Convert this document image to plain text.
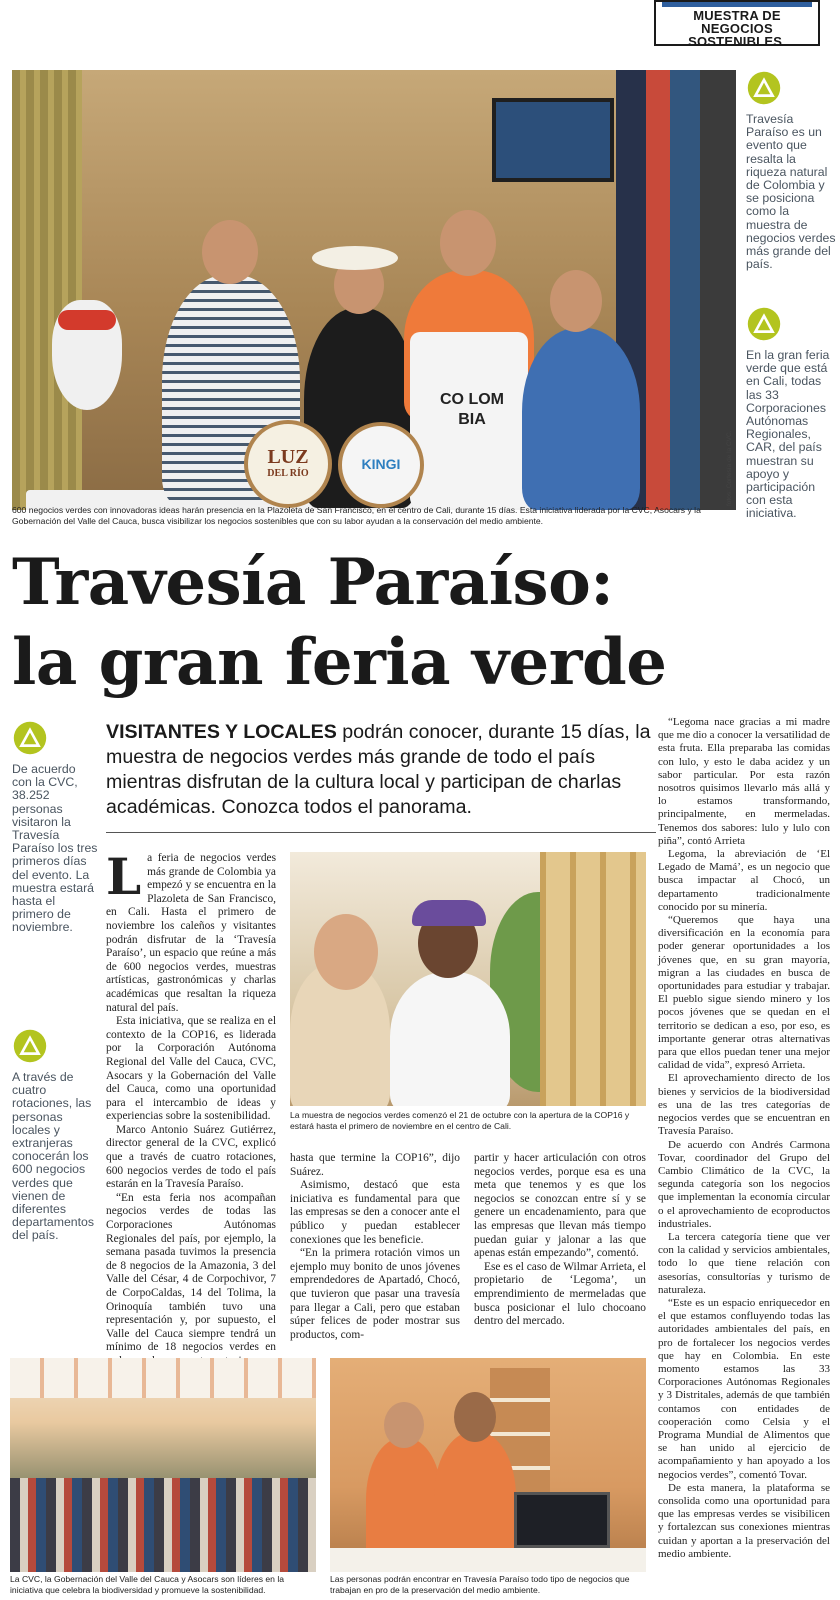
MUESTRA DE
NEGOCIOS
SOSTENIBLES.
CO LOM BIA
LUZ
DEL RÍO
KINGI	fotos: Cortesía de la CVC.
600 negocios verdes con innovadoras ideas harán presencia en la Plazoleta de San Francisco, en el centro de Cali, durante 15 días. Esta iniciativa liderada por la CVC, Asocars y la Gobernación del Valle del Cauca, busca visibilizar los negocios sostenibles que con su labor ayudan a la conservación del medio ambiente.

Travesía Paraíso es un evento que resalta la riqueza natural de Colombia y se posiciona como la muestra de negocios verdes más grande del país.

En la gran feria verde que está en Cali, todas las 33 Corporaciones Autónomas Regionales, CAR, del país muestran su apoyo y participación con esta iniciativa.

Travesía Paraíso:
la gran feria verde
VISITANTES Y LOCALES podrán conocer, durante 15 días, la muestra de negocios verdes más grande de todo el país mientras disfrutan de la cultura local y participan de charlas académicas. Conozca todos el panorama.

De acuerdo con la CVC, 38.252 personas visitaron la Travesía Paraíso los tres primeros días del evento. La muestra estará hasta el primero de noviembre.

A través de cuatro rotaciones, las personas locales y extranjeras conocerán los 600 negocios verdes que vienen de diferentes departamentos del país.

La feria de negocios verdes más grande de Colombia ya empezó y se encuentra en la Plazoleta de San Francisco, en Cali. Hasta el primero de noviembre los caleños y visitantes podrán disfrutar de la ‘Travesía Paraíso’, un espacio que reúne a más de 600 negocios verdes, muestras artísticas, gastronómicas y charlas académicas que resaltan la riqueza natural del país.

Esta iniciativa, que se realiza en el contexto de la COP16, es liderada por la Corporación Autónoma Regional del Valle del Cauca, CVC, Asocars y la Gobernación del Valle del Cauca, como una oportunidad para el intercambio de ideas y experiencias sobre la sostenibilidad.

Marco Antonio Suárez Gutiérrez, director general de la CVC, explicó que a través de cuatro rotaciones, 600 negocios verdes de todo el país estarán en la Travesía Paraíso.

“En esta feria nos acompañan negocios verdes de todas las Corporaciones Autónomas Regionales del país, por ejemplo, la semana pasada tuvimos la presencia de 8 negocios de la Amazonia, 3 del Valle del César, 4 de Corpochivor, 7 de CorpoCaldas, 14 del Tolima, la Orinoquía también tuvo una representación y, por supuesto, el Valle del Cauca siempre tendrá un mínimo de 18 negocios verdes en

La muestra de negocios verdes comenzó el 21 de octubre con la apertura de la COP16 y estará hasta el primero de noviembre en el centro de Cali.

hasta que termine la COP16”, dijo Suárez.

Asimismo, destacó que esta iniciativa es fundamental para que las empresas se den a conocer ante el público y puedan establecer conexiones que les beneficie.

“En la primera rotación vimos un ejemplo muy bonito de unos jóvenes emprendedores de Apartadó, Chocó, que tuvieron que pasar una travesía para llegar a Cali, pero que estaban súper felices de poder mostrar sus productos, com-

partir y hacer articulación con otros negocios verdes, porque esa es una meta que tenemos y es que los negocios se conozcan entre sí y se genere un encadenamiento, para que las empresas que llevan más tiempo puedan guiar y jalonar a las que apenas están empezando”, comentó.

Ese es el caso de Wilmar Arrieta, el propietario de ‘Legoma’, un emprendimiento de mermeladas que busca posicionar el lulo chocoano dentro del mercado.

“Legoma nace gracias a mi madre que me dio a conocer la versatilidad de esta fruta. Ella preparaba las comidas con lulo, y esto le daba acidez y un sabor particular. Por esta razón nosotros quisimos llevarlo más allá y lo estamos transformando, principalmente, en mermeladas. Tenemos dos sabores: lulo y lulo con piña”, contó Arrieta

Legoma, la abreviación de ‘El Legado de Mamá’, es un negocio que busca impactar al Chocó, un departamento tradicionalmente conocido por su minería.

“Queremos que haya una diversificación en la economía para poder generar oportunidades a los jóvenes que, en su gran mayoría, migran a las ciudades en busca de oportunidades para estudiar y trabajar. El pueblo sigue siendo minero y los pocos jóvenes que se quedan en el territorio se dedican a eso, por eso, es importante generar otras alternativas para que ellos puedan tener una mejor calidad de vida”, expresó Arrieta.

El aprovechamiento directo de los bienes y servicios de la biodiversidad es una de las tres categorías de negocios verdes que se encuentran en Travesía Paraíso.

De acuerdo con Andrés Carmona Tovar, coordinador del Grupo del Cambio Climático de la CVC, la segunda categoría son los negocios que implementan la economía circular o el aprovechamiento de ecoproductos industriales.

La tercera categoría tiene que ver con la calidad y servicios ambientales, todo lo que tiene relación con asesorías, consultorías y turismo de naturaleza.

“Este es un espacio enriquecedor en el que estamos confluyendo todas las autoridades ambientales del país, en pro de fortalecer los negocios verdes que hay en Colombia. En este momento estamos las 33 Corporaciones Autónomas Regionales y 3 Distritales, además de que también contamos con entidades de cooperación como Celsia y el Programa Mundial de Alimentos que se han unido al ejercicio de acompañamiento y han apoyado a los negocios verdes”, comentó Tovar.

De esta manera, la plataforma se consolida como una oportunidad para que las empresas verdes se visibilicen y fortalezcan sus conexiones mientras cuidan y aportan a la preservación del medio ambiente.

La CVC, la Gobernación del Valle del Cauca y Asocars son líderes en la iniciativa que celebra la biodiversidad y promueve la sostenibilidad.
Las personas podrán encontrar en Travesía Paraíso todo tipo de negocios que trabajan en pro de la preservación del medio ambiente.
